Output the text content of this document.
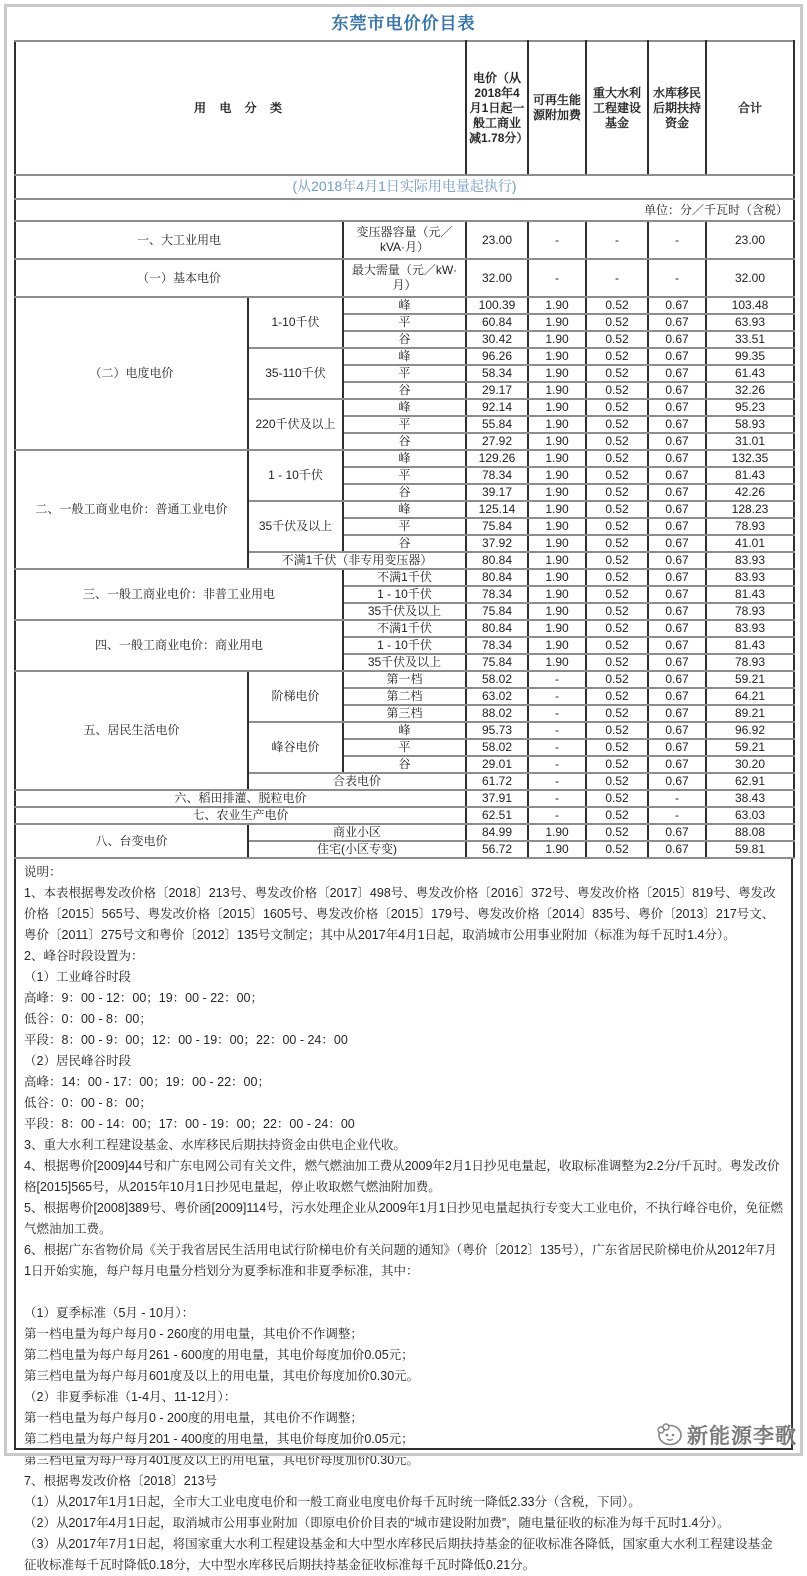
东莞市电价价目表
(从2018年4月1日实际用电量起执行)							
单位：分／千瓦时（含税）							
用 电 分 类			电价（从2018年4月1日起一般工商业减1.78分）	可再生能源附加费	重大水利工程建设基金	水库移民后期扶持资金	合计
一、大工业用电		变压器容量（元／kVA·月）	23.00	-	-	-	23.00
（一）基本电价		最大需量（元／kW·月）	32.00	-	-	-	32.00
（二）电度电价	1-10千伏	峰	100.39	1.90	0.52	0.67	103.48
		平	60.84	1.90	0.52	0.67	63.93
		谷	30.42	1.90	0.52	0.67	33.51
	35-110千伏	峰	96.26	1.90	0.52	0.67	99.35
		平	58.34	1.90	0.52	0.67	61.43
		谷	29.17	1.90	0.52	0.67	32.26
	220千伏及以上	峰	92.14	1.90	0.52	0.67	95.23
		平	55.84	1.90	0.52	0.67	58.93
		谷	27.92	1.90	0.52	0.67	31.01
二、一般工商业电价：普通工业电价	1 - 10千伏	峰	129.26	1.90	0.52	0.67	132.35
		平	78.34	1.90	0.52	0.67	81.43
		谷	39.17	1.90	0.52	0.67	42.26
	35千伏及以上	峰	125.14	1.90	0.52	0.67	128.23
		平	75.84	1.90	0.52	0.67	78.93
		谷	37.92	1.90	0.52	0.67	41.01
	不满1千伏（非专用变压器）		80.84	1.90	0.52	0.67	83.93
三、一般工商业电价：非普工业用电		不满1千伏	80.84	1.90	0.52	0.67	83.93
		1 - 10千伏	78.34	1.90	0.52	0.67	81.43
		35千伏及以上	75.84	1.90	0.52	0.67	78.93
四、一般工商业电价：商业用电		不满1千伏	80.84	1.90	0.52	0.67	83.93
		1 - 10千伏	78.34	1.90	0.52	0.67	81.43
		35千伏及以上	75.84	1.90	0.52	0.67	78.93
五、居民生活电价	阶梯电价	第一档	58.02	-	0.52	0.67	59.21
		第二档	63.02	-	0.52	0.67	64.21
		第三档	88.02	-	0.52	0.67	89.21
	峰谷电价	峰	95.73	-	0.52	0.67	96.92
		平	58.02	-	0.52	0.67	59.21
		谷	29.01	-	0.52	0.67	30.20
	合表电价		61.72	-	0.52	0.67	62.91
六、稻田排灌、脱粒电价			37.91	-	0.52	-	38.43
七、农业生产电价			62.51	-	0.52	-	63.03
八、台变电价	商业小区		84.99	1.90	0.52	0.67	88.08
	住宅(小区专变)		56.72	1.90	0.52	0.67	59.81
说明：
1、本表根据粤发改价格〔2018〕213号、粤发改价格〔2017〕498号、粤发改价格〔2016〕372号、粤发改价格〔2015〕819号、粤发改价格〔2015〕565号、粤发改价格〔2015〕1605号、粤发改价格〔2015〕179号、粤发改价格〔2014〕835号、粤价〔2013〕217号文、粤价〔2011〕275号文和粤价〔2012〕135号文制定；其中从2017年4月1日起，取消城市公用事业附加（标准为每千瓦时1.4分）。
2、峰谷时段设置为：
（1）工业峰谷时段
高峰：9：00 - 12：00；19：00 - 22：00；
低谷：0：00 - 8：00；
平段：8：00 - 9：00；12：00 - 19：00；22：00 - 24：00
（2）居民峰谷时段
高峰：14：00 - 17：00；19：00 - 22：00；
低谷：0：00 - 8：00；
平段：8：00 - 14：00；17：00 - 19：00；22：00 - 24：00
3、重大水利工程建设基金、水库移民后期扶持资金由供电企业代收。
4、根据粤价[2009]44号和广东电网公司有关文件，燃气燃油加工费从2009年2月1日抄见电量起，收取标准调整为2.2分/千瓦时。粤发改价格[2015]565号，从2015年10月1日抄见电量起，停止收取燃气燃油附加费。
5、根据粤价[2008]389号、粤价函[2009]114号，污水处理企业从2009年1月1日抄见电量起执行专变大工业电价，不执行峰谷电价，免征燃气燃油加工费。
6、根据广东省物价局《关于我省居民生活用电试行阶梯电价有关问题的通知》（粤价〔2012〕135号），广东省居民阶梯电价从2012年7月1日开始实施，每户每月电量分档划分为夏季标准和非夏季标准，其中：

（1）夏季标准（5月 - 10月）：
第一档电量为每户每月0 - 260度的用电量，其电价不作调整；
第二档电量为每户每月261 - 600度的用电量，其电价每度加价0.05元；
第三档电量为每户每月601度及以上的用电量，其电价每度加价0.30元。
（2）非夏季标准（1-4月、11-12月）：
第一档电量为每户每月0 - 200度的用电量，其电价不作调整；
第二档电量为每户每月201 - 400度的用电量，其电价每度加价0.05元；
第三档电量为每户每月401度及以上的用电量，其电价每度加价0.30元。
7、根据粤发改价格〔2018〕213号
（1）从2017年1月1日起，全市大工业电度电价和一般工商业电度电价每千瓦时统一降低2.33分（含税，下同）。
（2）从2017年4月1日起，取消城市公用事业附加（即原电价价目表的“城市建设附加费”，随电量征收的标准为每千瓦时1.4分）。
（3）从2017年7月1日起，将国家重大水利工程建设基金和大中型水库移民后期扶持基金的征收标准各降低，国家重大水利工程建设基金征收标准每千瓦时降低0.18分，大中型水库移民后期扶持基金征收标准每千瓦时降低0.21分。
新能源李歌
